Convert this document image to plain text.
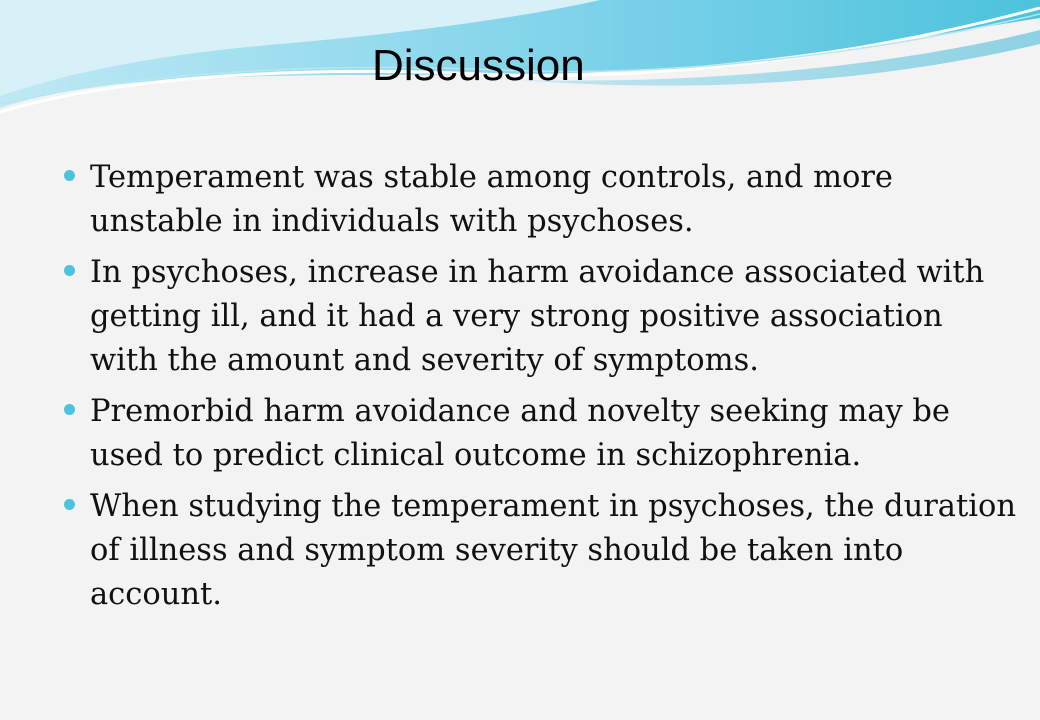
Discussion
Temperament was stable among controls, and more unstable in individuals with psychoses.
In psychoses, increase in harm avoidance associated with getting ill, and it had a very strong positive association with the amount and severity of symptoms.
Premorbid harm avoidance and novelty seeking may be used to predict clinical outcome in schizophrenia.
When studying the temperament in psychoses, the duration of illness and symptom severity should be taken into account.
